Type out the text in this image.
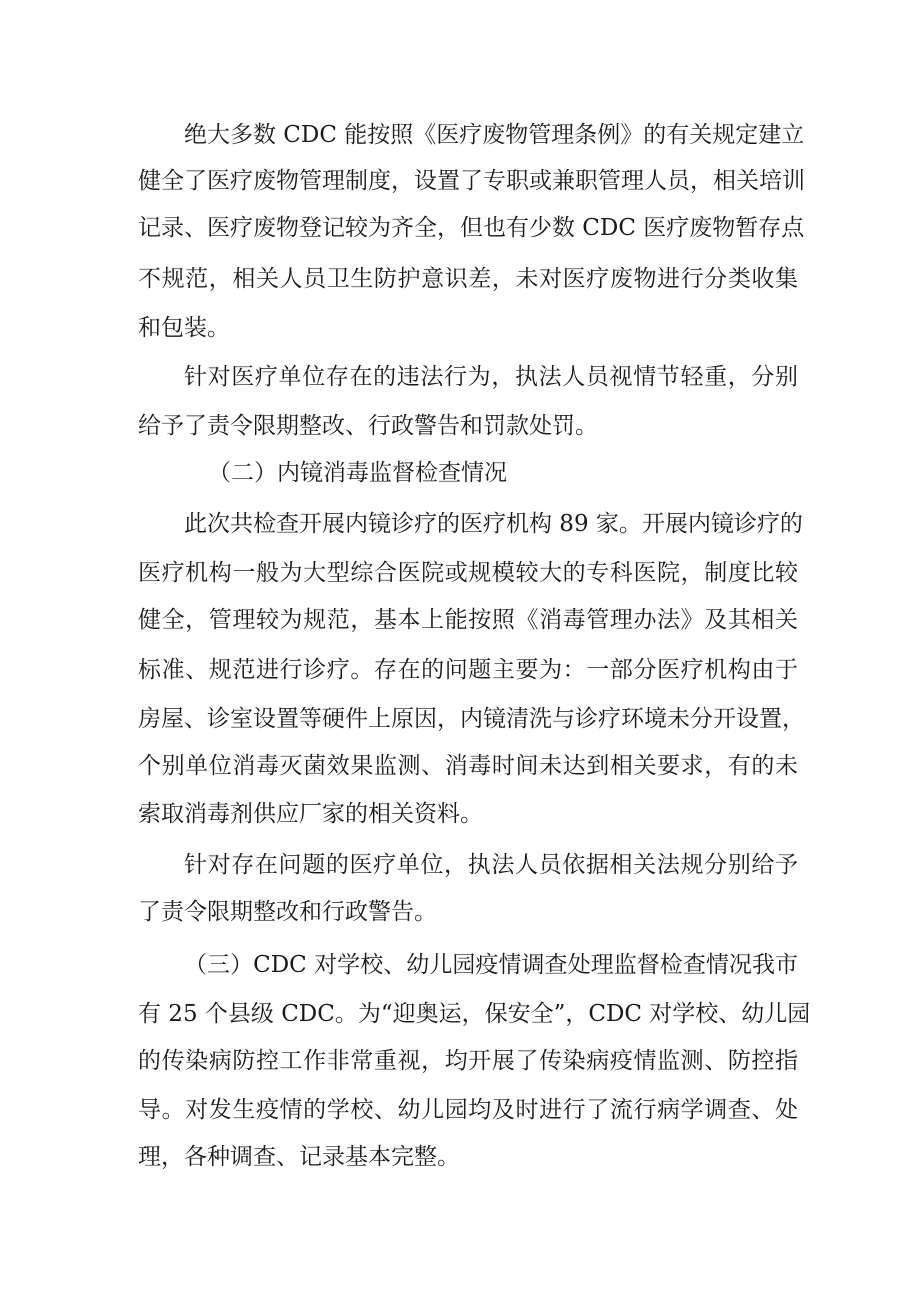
绝大多数 CDC 能按照《医疗废物管理条例》的有关规定建立
健全了医疗废物管理制度，设置了专职或兼职管理人员，相关培训
记录、医疗废物登记较为齐全，但也有少数 CDC 医疗废物暂存点
不规范，相关人员卫生防护意识差，未对医疗废物进行分类收集
和包装。
针对医疗单位存在的违法行为，执法人员视情节轻重，分别
给予了责令限期整改、行政警告和罚款处罚。
（二）内镜消毒监督检查情况
此次共检查开展内镜诊疗的医疗机构 89 家。开展内镜诊疗的
医疗机构一般为大型综合医院或规模较大的专科医院，制度比较
健全，管理较为规范，基本上能按照《消毒管理办法》及其相关
标准、规范进行诊疗。存在的问题主要为：一部分医疗机构由于
房屋、诊室设置等硬件上原因，内镜清洗与诊疗环境未分开设置，
个别单位消毒灭菌效果监测、消毒时间未达到相关要求，有的未
索取消毒剂供应厂家的相关资料。
针对存在问题的医疗单位，执法人员依据相关法规分别给予
了责令限期整改和行政警告。
（三）CDC 对学校、幼儿园疫情调查处理监督检查情况我市
有 25 个县级 CDC。为“迎奥运，保安全”，CDC 对学校、幼儿园
的传染病防控工作非常重视，均开展了传染病疫情监测、防控指
导。对发生疫情的学校、幼儿园均及时进行了流行病学调查、处
理，各种调查、记录基本完整。
